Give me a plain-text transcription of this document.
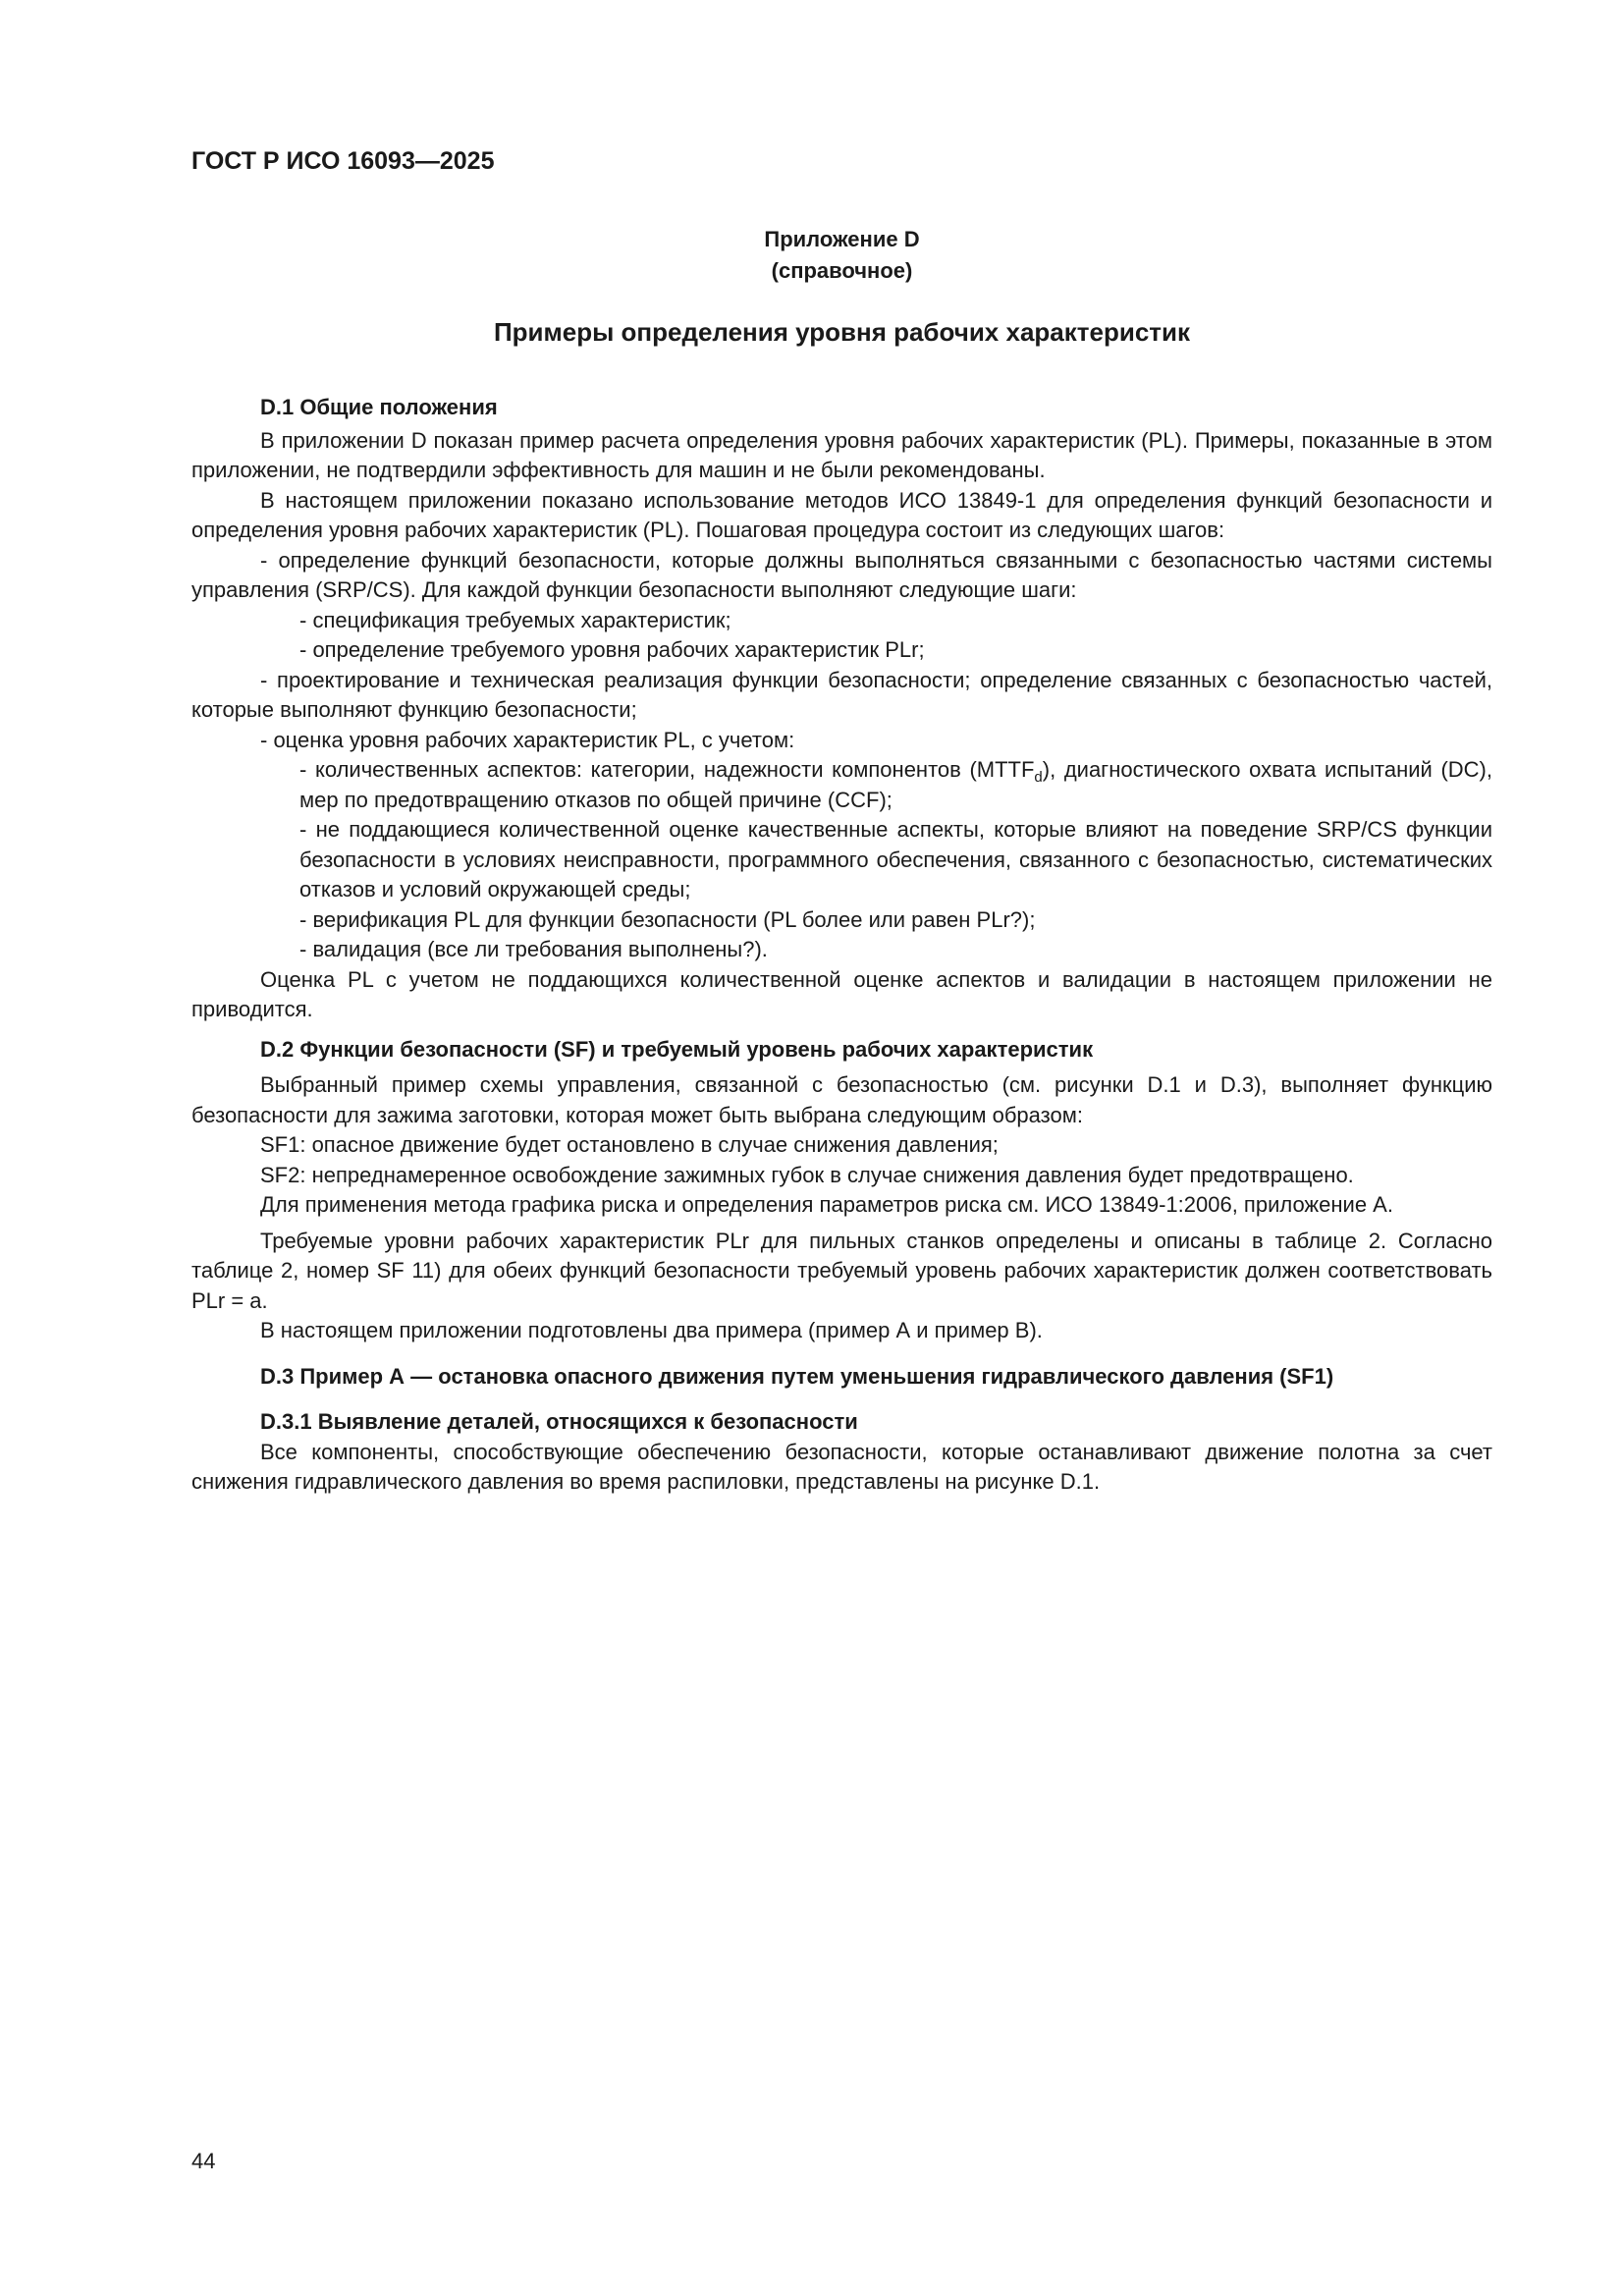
ГОСТ Р ИСО 16093—2025
Приложение D
(справочное)
Примеры определения уровня рабочих характеристик

D.1 Общие положения

В приложении D показан пример расчета определения уровня рабочих характеристик (PL). Примеры, показанные в этом приложении, не подтвердили эффективность для машин и не были рекомендованы.

В настоящем приложении показано использование методов ИСО 13849-1 для определения функций безопасности и определения уровня рабочих характеристик (PL). Пошаговая процедура состоит из следующих шагов:

- определение функций безопасности, которые должны выполняться связанными с безопасностью частями системы управления (SRP/CS). Для каждой функции безопасности выполняют следующие шаги:

- спецификация требуемых характеристик;

- определение требуемого уровня рабочих характеристик PLr;

- проектирование и техническая реализация функции безопасности; определение связанных с безопасностью частей, которые выполняют функцию безопасности;

- оценка уровня рабочих характеристик PL, с учетом:

- количественных аспектов: категории, надежности компонентов $(MTTF_d)$, диагностического охвата испытаний (DC), мер по предотвращению отказов по общей причине (CCF);

- не поддающиеся количественной оценке качественные аспекты, которые влияют на поведение SRP/CS функции безопасности в условиях неисправности, программного обеспечения, связанного с безопасностью, систематических отказов и условий окружающей среды;

- верификация PL для функции безопасности (PL более или равен PLr?);

- валидация (все ли требования выполнены?).

Оценка PL с учетом не поддающихся количественной оценке аспектов и валидации в настоящем приложении не приводится.

D.2 Функции безопасности (SF) и требуемый уровень рабочих характеристик

Выбранный пример схемы управления, связанной с безопасностью (см. рисунки D.1 и D.3), выполняет функцию безопасности для зажима заготовки, которая может быть выбрана следующим образом:

SF1: опасное движение будет остановлено в случае снижения давления;

SF2: непреднамеренное освобождение зажимных губок в случае снижения давления будет предотвращено.

Для применения метода графика риска и определения параметров риска см. ИСО 13849-1:2006, приложение А.

Требуемые уровни рабочих характеристик PLr для пильных станков определены и описаны в таблице 2. Согласно таблице 2, номер SF 11) для обеих функций безопасности требуемый уровень рабочих характеристик должен соответствовать PLr = a.

В настоящем приложении подготовлены два примера (пример А и пример В).

D.3 Пример А — остановка опасного движения путем уменьшения гидравлического давления (SF1)

D.3.1 Выявление деталей, относящихся к безопасности

Все компоненты, способствующие обеспечению безопасности, которые останавливают движение полотна за счет снижения гидравлического давления во время распиловки, представлены на рисунке D.1.

44
